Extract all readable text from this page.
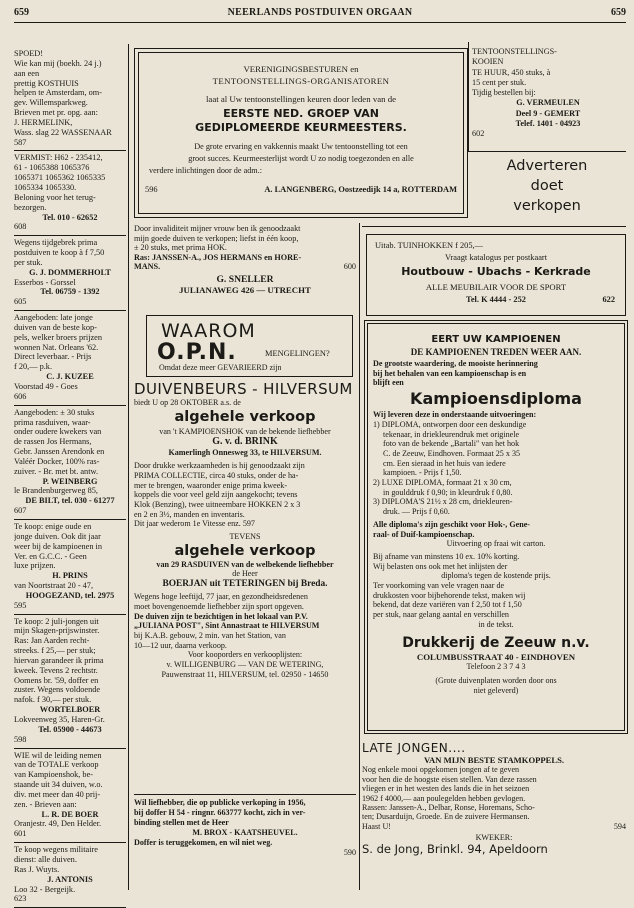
659	NEERLANDS POSTDUIVEN ORGAAN	659
SPOED!
Wie kan mij (boekh. 24 j.)
aan een
prettig KOSTHUIS
helpen te Amsterdam, om-
gev. Willemsparkweg.
Brieven met pr. opg. aan:
J. HERMELINK,
Wass. slag 22 WASSENAAR
587
VERMIST: H62 - 235412,
61 - 1065388 1065376
1065371 1065362 1065335
1065334 1065330.
Beloning voor het terug-
bezorgen.
Tel. 010 - 62652
608
Wegens tijdgebrek prima
postduiven te koop à f 7,50
per stuk.
G. J. DOMMERHOLT
Esserbos - Gorssel
Tel. 06759 - 1392
605
Aangeboden: late jonge
duiven van de beste kop-
pels, welker broers prijzen
wonnen Nat. Orleans '62.
Direct leverbaar. - Prijs
f 20,— p.k.
C. J. KUZEE
Voorstad 49 - Goes
606
Aangeboden: ± 30 stuks
prima rasduiven, waar-
onder oudere kwekers van
de rassen Jos Hermans,
Gebr. Janssen Arendonk en
Valéér Docker, 100% ras-
zuiver. - Br. met bt. antw.
P. WEINBERG
le Brandenburgerweg 85,
DE BILT, tel. 030 - 61277
607
Te koop: enige oude en
jonge duiven. Ook dit jaar
weer bij de kampioenen in
Ver. en G.C.C. - Geen
luxe prijzen.
H. PRINS
van Noortstraat 20 - 47,
HOOGEZAND, tel. 2975
595
Te koop: 2 juli-jongen uit
mijn Skagen-prijswinster.
Ras: Jan Aarden recht-
streeks. f 25,— per stuk;
hiervan garandeer ik prima
kweek. Tevens 2 rechtstr.
Oomens br. '59, doffer en
zuster. Wegens voldoende
nafok. f 30,— per stuk.
WORTELBOER
Lokveenweg 35, Haren-Gr.
Tel. 05900 - 44673
598
WIE wil de leiding nemen
van de TOTALE verkoop
van Kampioenshok, be-
staande uit 34 duiven, w.o.
div. met meer dan 40 prij-
zen. - Brieven aan:
L. R. DE BOER
Oranjestr. 49, Den Helder.
601
Te koop wegens militaire
dienst: alle duiven.
Ras J. Wuyts.
J. ANTONIS
Loo 32 - Bergeijk.
623
VERENIGINGSBESTUREN en
TENTOONSTELLINGS-ORGANISATOREN
laat al Uw tentoonstellingen keuren door leden van de
EERSTE NED. GROEP VAN
GEDIPLOMEERDE KEURMEESTERS.
De grote ervaring en vakkennis maakt Uw tentoonstelling tot een
groot succes. Keurmeesterlijst wordt U zo nodig toegezonden en alle
verdere inlichtingen door de adm.:
596	A. LANGENBERG, Oostzeedijk 14 a, ROTTERDAM
Door invaliditeit mijner vrouw ben ik genoodzaakt
mijn goede duiven te verkopen; liefst in één koop,
± 20 stuks, met prima HOK.
Ras: JANSSEN-A., JOS HERMANS en HORE-
MANS.	600
G. SNELLER
JULIANAWEG 426 — UTRECHT
WAAROM
O.P.N.	MENGELINGEN?
Omdat deze meer GEVARIEERD zijn
DUIVENBEURS - HILVERSUM
biedt U op 28 OKTOBER a.s. de
algehele verkoop
van 't KAMPIOENSHOK van de bekende liefhebber
G. v. d. BRINK
Kamerlingh Onnesweg 33, te HILVERSUM.
Door drukke werkzaamheden is hij genoodzaakt zijn
PRIMA COLLECTIE, circa 40 stuks, onder de ha-
mer te brengen, waaronder enige prima kweek-
koppels die voor veel geld zijn aangekocht; tevens
Klok (Benzing), twee uitneembare HOKKEN 2 x 3
en 2 en 3½, manden en inventaris.
Dit jaar wederom 1e Vitesse enz. 597
TEVENS
algehele verkoop
van 29 RASDUIVEN van de welbekende liefhebber
de Heer
BOERJAN uit TETERINGEN bij Breda.
Wegens hoge leeftijd, 77 jaar, en gezondheidsredenen
moet bovengenoemde liefhebber zijn sport opgeven.
De duiven zijn te bezichtigen in het lokaal van P.V.
„JULIANA POST", Sint Annastraat te HILVERSUM
bij K.A.B. gebouw, 2 min. van het Station, van
10—12 uur, daarna verkoop.
Voor kooporders en verkooplijsten:
v. WILLIGENBURG — VAN DE WETERING,
Pauwenstraat 11, HILVERSUM, tel. 02950 - 14650
Wil liefhebber, die op publicke verkoping in 1956,
bij doffer H 54 - ringnr. 663777 kocht, zich in ver-
binding stellen met de Heer
M. BROX - KAATSHEUVEL.
Doffer is teruggekomen, en wil niet weg.
590
TENTOONSTELLINGS-
KOOIEN
TE HUUR, 450 stuks, à
15 cent per stuk.
Tijdig bestellen bij:
G. VERMEULEN
Deel 9 - GEMERT
Telef. 1401 - 04923
602
Adverteren
doet
verkopen
Uitab. TUINHOKKEN f 205,—
Vraagt katalogus per postkaart
Houtbouw - Ubachs - Kerkrade
ALLE MEUBILAIR VOOR DE SPORT
Tel. K 4444 - 252	622
EERT UW KAMPIOENEN
DE KAMPIOENEN TREDEN WEER AAN.
De grootste waardering, de mooiste herinnering
bij het behalen van een kampioenschap is en
blijft een
Kampioensdiploma
Wij leveren deze in onderstaande uitvoeringen:
1) DIPLOMA, ontworpen door een deskundige
tekenaar, in driekleurendruk met originele
foto van de bekende „Bartali" van het hok
C. de Zeeuw, Eindhoven. Formaat 25 x 35
cm. Een sieraad in het huis van iedere
kampioen. - Prijs f 1,50.
2) LUXE DIPLOMA, formaat 21 x 30 cm,
in goulddruk f 0,90; in kleurdruk f 0,80.
3) DIPLOMA'S 21½ x 28 cm, driekleuren-
druk. — Prijs f 0,60.
Alle diploma's zijn geschikt voor Hok-, Gene-
raal- of Duif-kampioenschap.
Uitvoering op fraai wit carton.
Bij afname van minstens 10 ex. 10% korting.
Wij belasten ons ook met het inlijsten der
diploma's tegen de kostende prijs.
Ter voorkoming van vele vragen naar de
drukkosten voor bijbehorende tekst, maken wij
bekend, dat deze variëren van f 2,50 tot f 1,50
per stuk, naar gelang aantal en verschillen
in de tekst.
Drukkerij de Zeeuw n.v.
COLUMBUSSTRAAT 40 - EINDHOVEN
Telefoon 2 3 7 4 3
(Grote duivenplaten worden door ons
niet geleverd)
LATE JONGEN....
VAN MIJN BESTE STAMKOPPELS.
Nog enkele mooi opgekomen jongen af te geven
voor hen die de hoogste eisen stellen. Van deze rassen
vliegen er in het westen des lands die in het seizoen
1962 f 4000,— aan poulegelden hebben gevlogen.
Rassen: Janssen-A., Delbar, Ronse, Horemans, Scho-
ten; Dusarduijn, Groede. En de zuivere Hermansen.
Haast U!	594
KWEKER:
S. de Jong, Brinkl. 94, Apeldoorn
